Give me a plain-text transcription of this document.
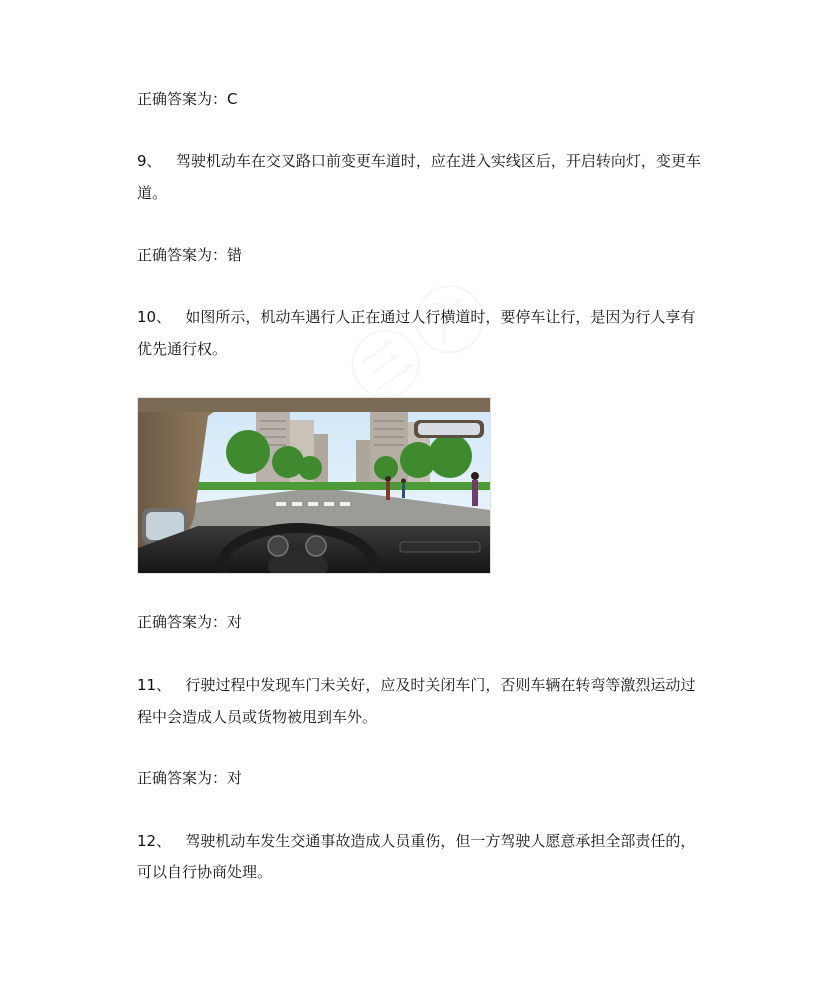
正确答案为：C
9、 驾驶机动车在交叉路口前变更车道时，应在进入实线区后，开启转向灯，变更车
道。
正确答案为：错
10、 如图所示，机动车遇行人正在通过人行横道时，要停车让行，是因为行人享有
优先通行权。
正确答案为：对
11、 行驶过程中发现车门未关好，应及时关闭车门，否则车辆在转弯等激烈运动过
程中会造成人员或货物被甩到车外。
正确答案为：对
12、 驾驶机动车发生交通事故造成人员重伤，但一方驾驶人愿意承担全部责任的，
可以自行协商处理。
